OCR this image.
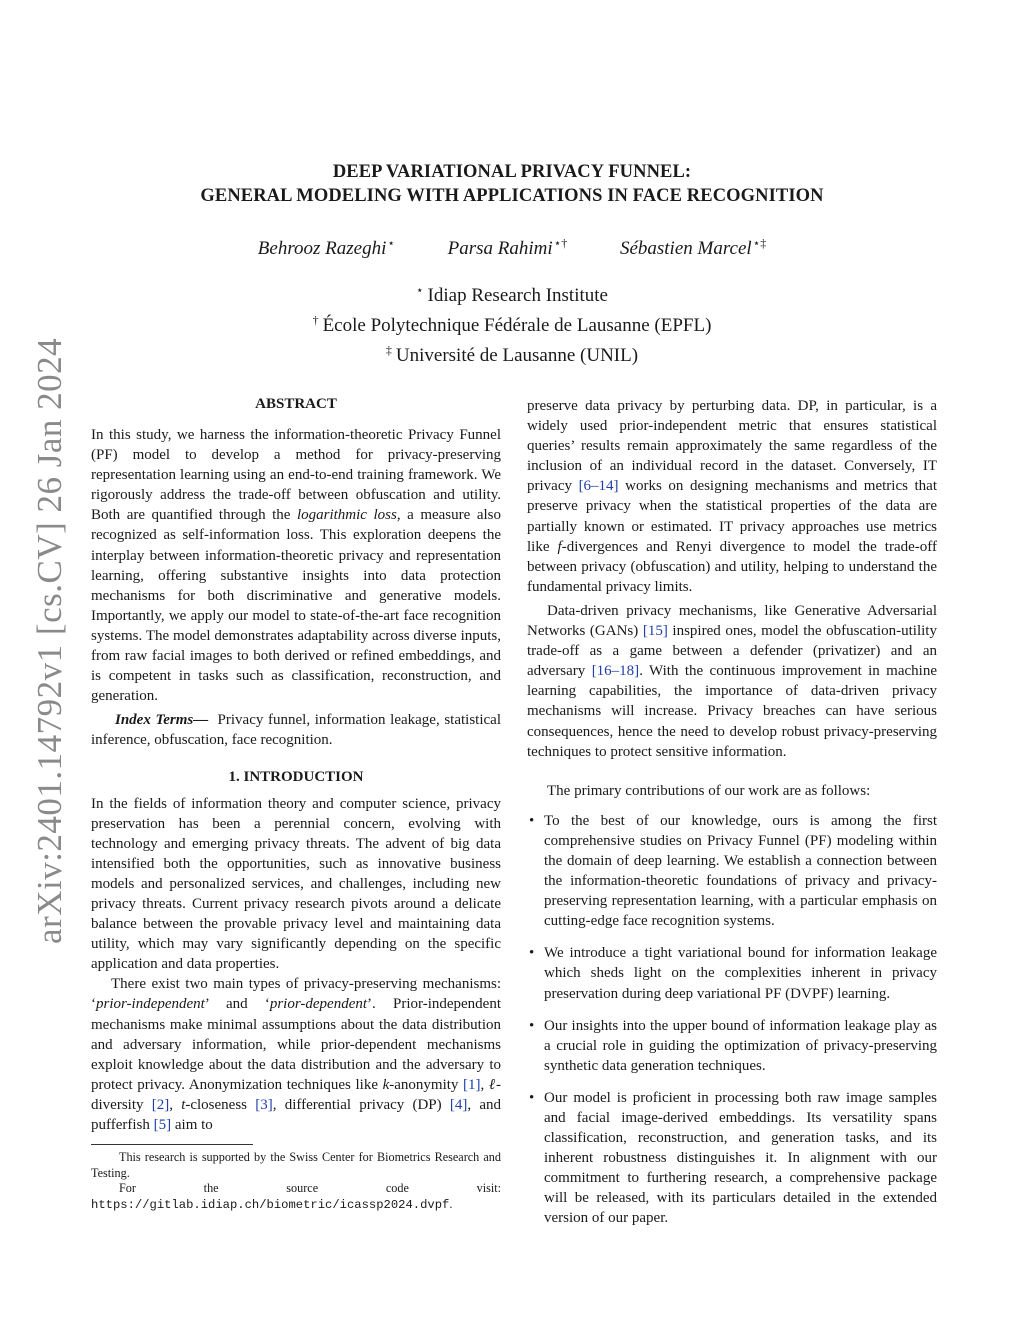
arXiv:2401.14792v1 [cs.CV] 26 Jan 2024
DEEP VARIATIONAL PRIVACY FUNNEL:
GENERAL MODELING WITH APPLICATIONS IN FACE RECOGNITION
Behrooz Razeghi⋆	Parsa Rahimi⋆†	Sébastien Marcel⋆‡
⋆ Idiap Research Institute
† École Polytechnique Fédérale de Lausanne (EPFL)
‡ Université de Lausanne (UNIL)
ABSTRACT

In this study, we harness the information-theoretic Privacy Funnel (PF) model to develop a method for privacy-preserving representation learning using an end-to-end training framework. We rigorously address the trade-off between obfuscation and utility. Both are quantified through the logarithmic loss, a measure also recognized as self-information loss. This exploration deepens the interplay between information-theoretic privacy and representation learning, offering substantive insights into data protection mechanisms for both discriminative and generative models. Importantly, we apply our model to state-of-the-art face recognition systems. The model demonstrates adaptability across diverse inputs, from raw facial images to both derived or refined embeddings, and is competent in tasks such as classification, reconstruction, and generation.

Index Terms— Privacy funnel, information leakage, statistical inference, obfuscation, face recognition.

1. INTRODUCTION

In the fields of information theory and computer science, privacy preservation has been a perennial concern, evolving with technology and emerging privacy threats. The advent of big data intensified both the opportunities, such as innovative business models and personalized services, and challenges, including new privacy threats. Current privacy research pivots around a delicate balance between the provable privacy level and maintaining data utility, which may vary significantly depending on the specific application and data properties.

There exist two main types of privacy-preserving mechanisms: ‘prior-independent’ and ‘prior-dependent’. Prior-independent mechanisms make minimal assumptions about the data distribution and adversary information, while prior-dependent mechanisms exploit knowledge about the data distribution and the adversary to protect privacy. Anonymization techniques like k-anonymity [1], ℓ-diversity [2], t-closeness [3], differential privacy (DP) [4], and pufferfish [5] aim to

This research is supported by the Swiss Center for Biometrics Research and Testing.

For the source code visit: https://gitlab.idiap.ch/biometric/icassp2024.dvpf.

preserve data privacy by perturbing data. DP, in particular, is a widely used prior-independent metric that ensures statistical queries’ results remain approximately the same regardless of the inclusion of an individual record in the dataset. Conversely, IT privacy [6–14] works on designing mechanisms and metrics that preserve privacy when the statistical properties of the data are partially known or estimated. IT privacy approaches use metrics like f-divergences and Renyi divergence to model the trade-off between privacy (obfuscation) and utility, helping to understand the fundamental privacy limits.

Data-driven privacy mechanisms, like Generative Adversarial Networks (GANs) [15] inspired ones, model the obfuscation-utility trade-off as a game between a defender (privatizer) and an adversary [16–18]. With the continuous improvement in machine learning capabilities, the importance of data-driven privacy mechanisms will increase. Privacy breaches can have serious consequences, hence the need to develop robust privacy-preserving techniques to protect sensitive information.

The primary contributions of our work are as follows:

• To the best of our knowledge, ours is among the first comprehensive studies on Privacy Funnel (PF) modeling within the domain of deep learning. We establish a connection between the information-theoretic foundations of privacy and privacy-preserving representation learning, with a particular emphasis on cutting-edge face recognition systems.
• We introduce a tight variational bound for information leakage which sheds light on the complexities inherent in privacy preservation during deep variational PF (DVPF) learning.
• Our insights into the upper bound of information leakage play as a crucial role in guiding the optimization of privacy-preserving synthetic data generation techniques.
• Our model is proficient in processing both raw image samples and facial image-derived embeddings. Its versatility spans classification, reconstruction, and generation tasks, and its inherent robustness distinguishes it. In alignment with our commitment to furthering research, a comprehensive package will be released, with its particulars detailed in the extended version of our paper.
